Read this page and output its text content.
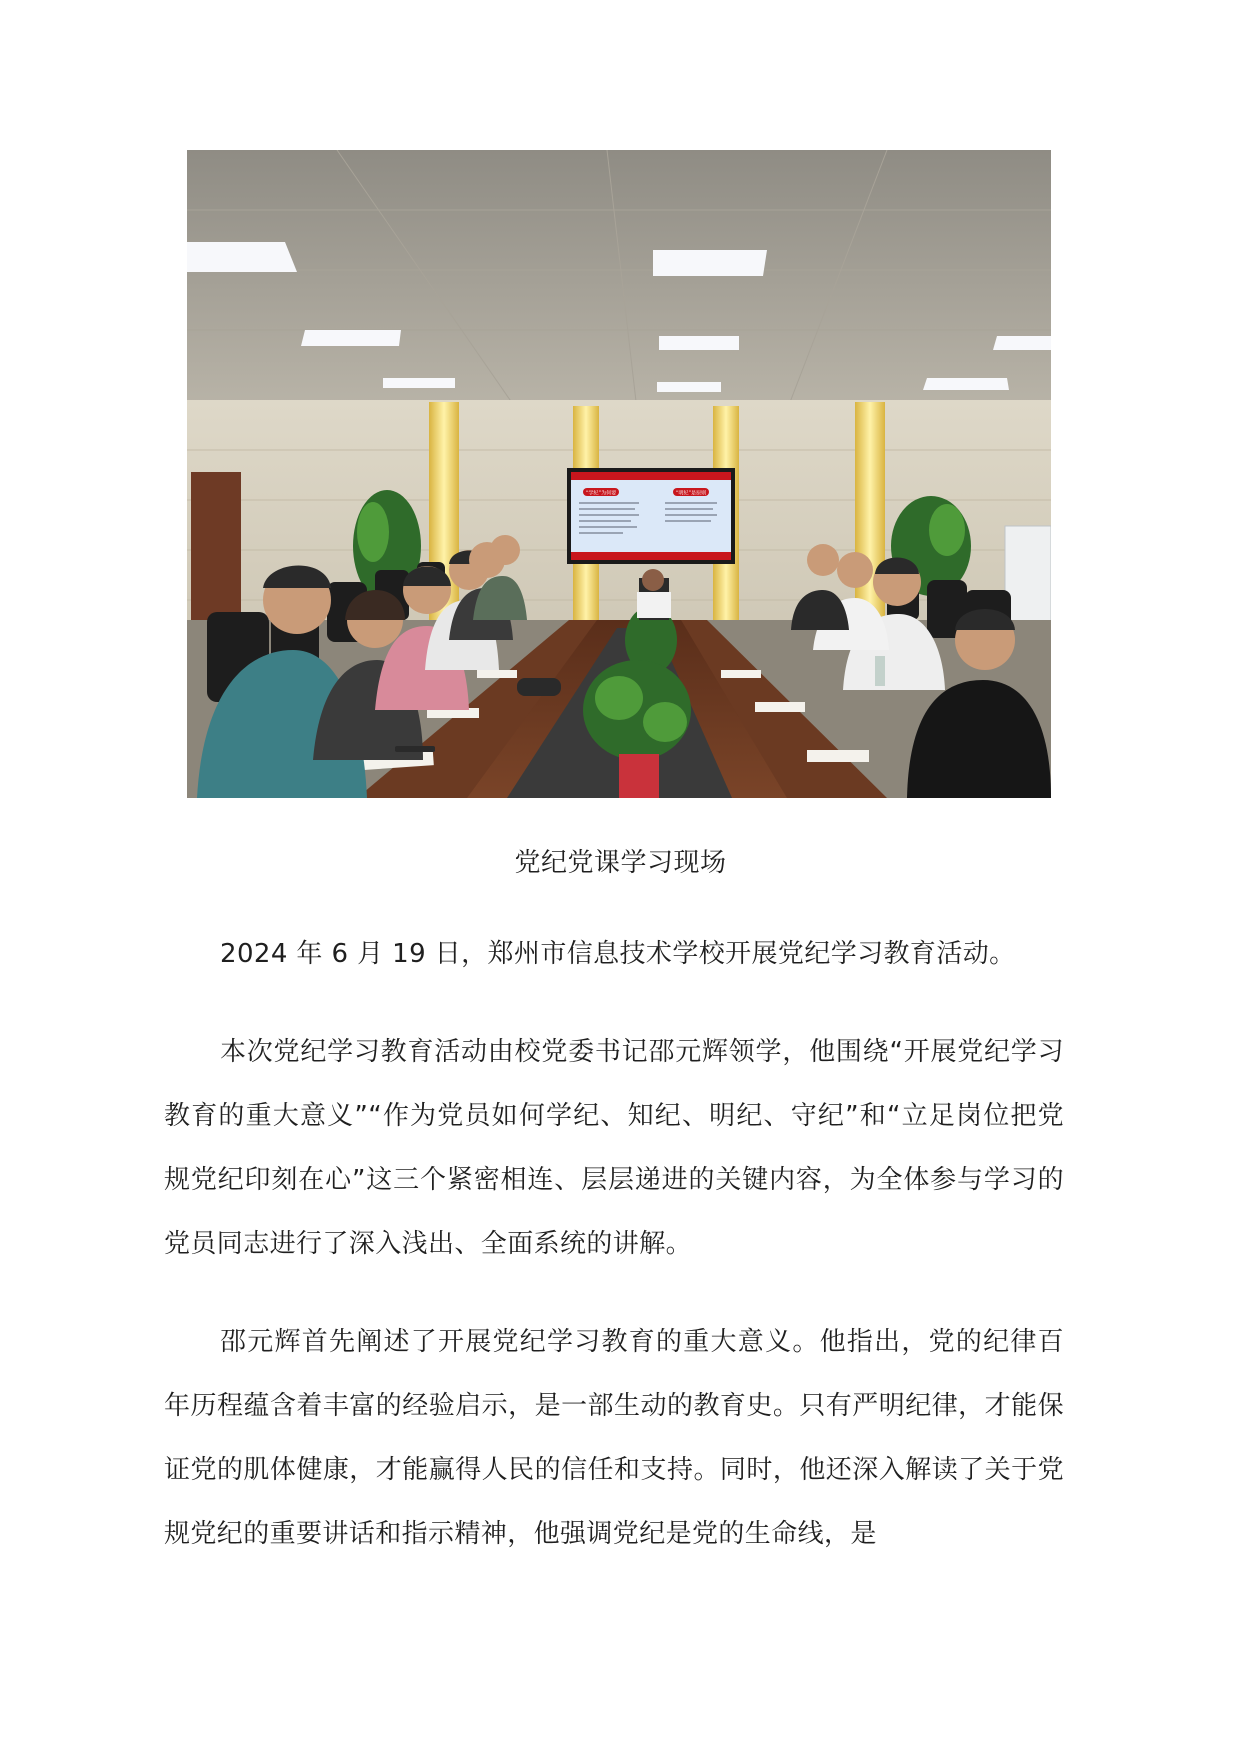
“学纪”为何要	“明纪”是原则
党纪党课学习现场

2024 年 6 月 19 日，郑州市信息技术学校开展党纪学习教育活动。

本次党纪学习教育活动由校党委书记邵元辉领学，他围绕“开展党纪学习教育的重大意义”“作为党员如何学纪、知纪、明纪、守纪”和“立足岗位把党规党纪印刻在心”这三个紧密相连、层层递进的关键内容，为全体参与学习的党员同志进行了深入浅出、全面系统的讲解。

邵元辉首先阐述了开展党纪学习教育的重大意义。他指出，党的纪律百年历程蕴含着丰富的经验启示，是一部生动的教育史。只有严明纪律，才能保证党的肌体健康，才能赢得人民的信任和支持。同时，他还深入解读了关于党规党纪的重要讲话和指示精神，他强调党纪是党的生命线，是
